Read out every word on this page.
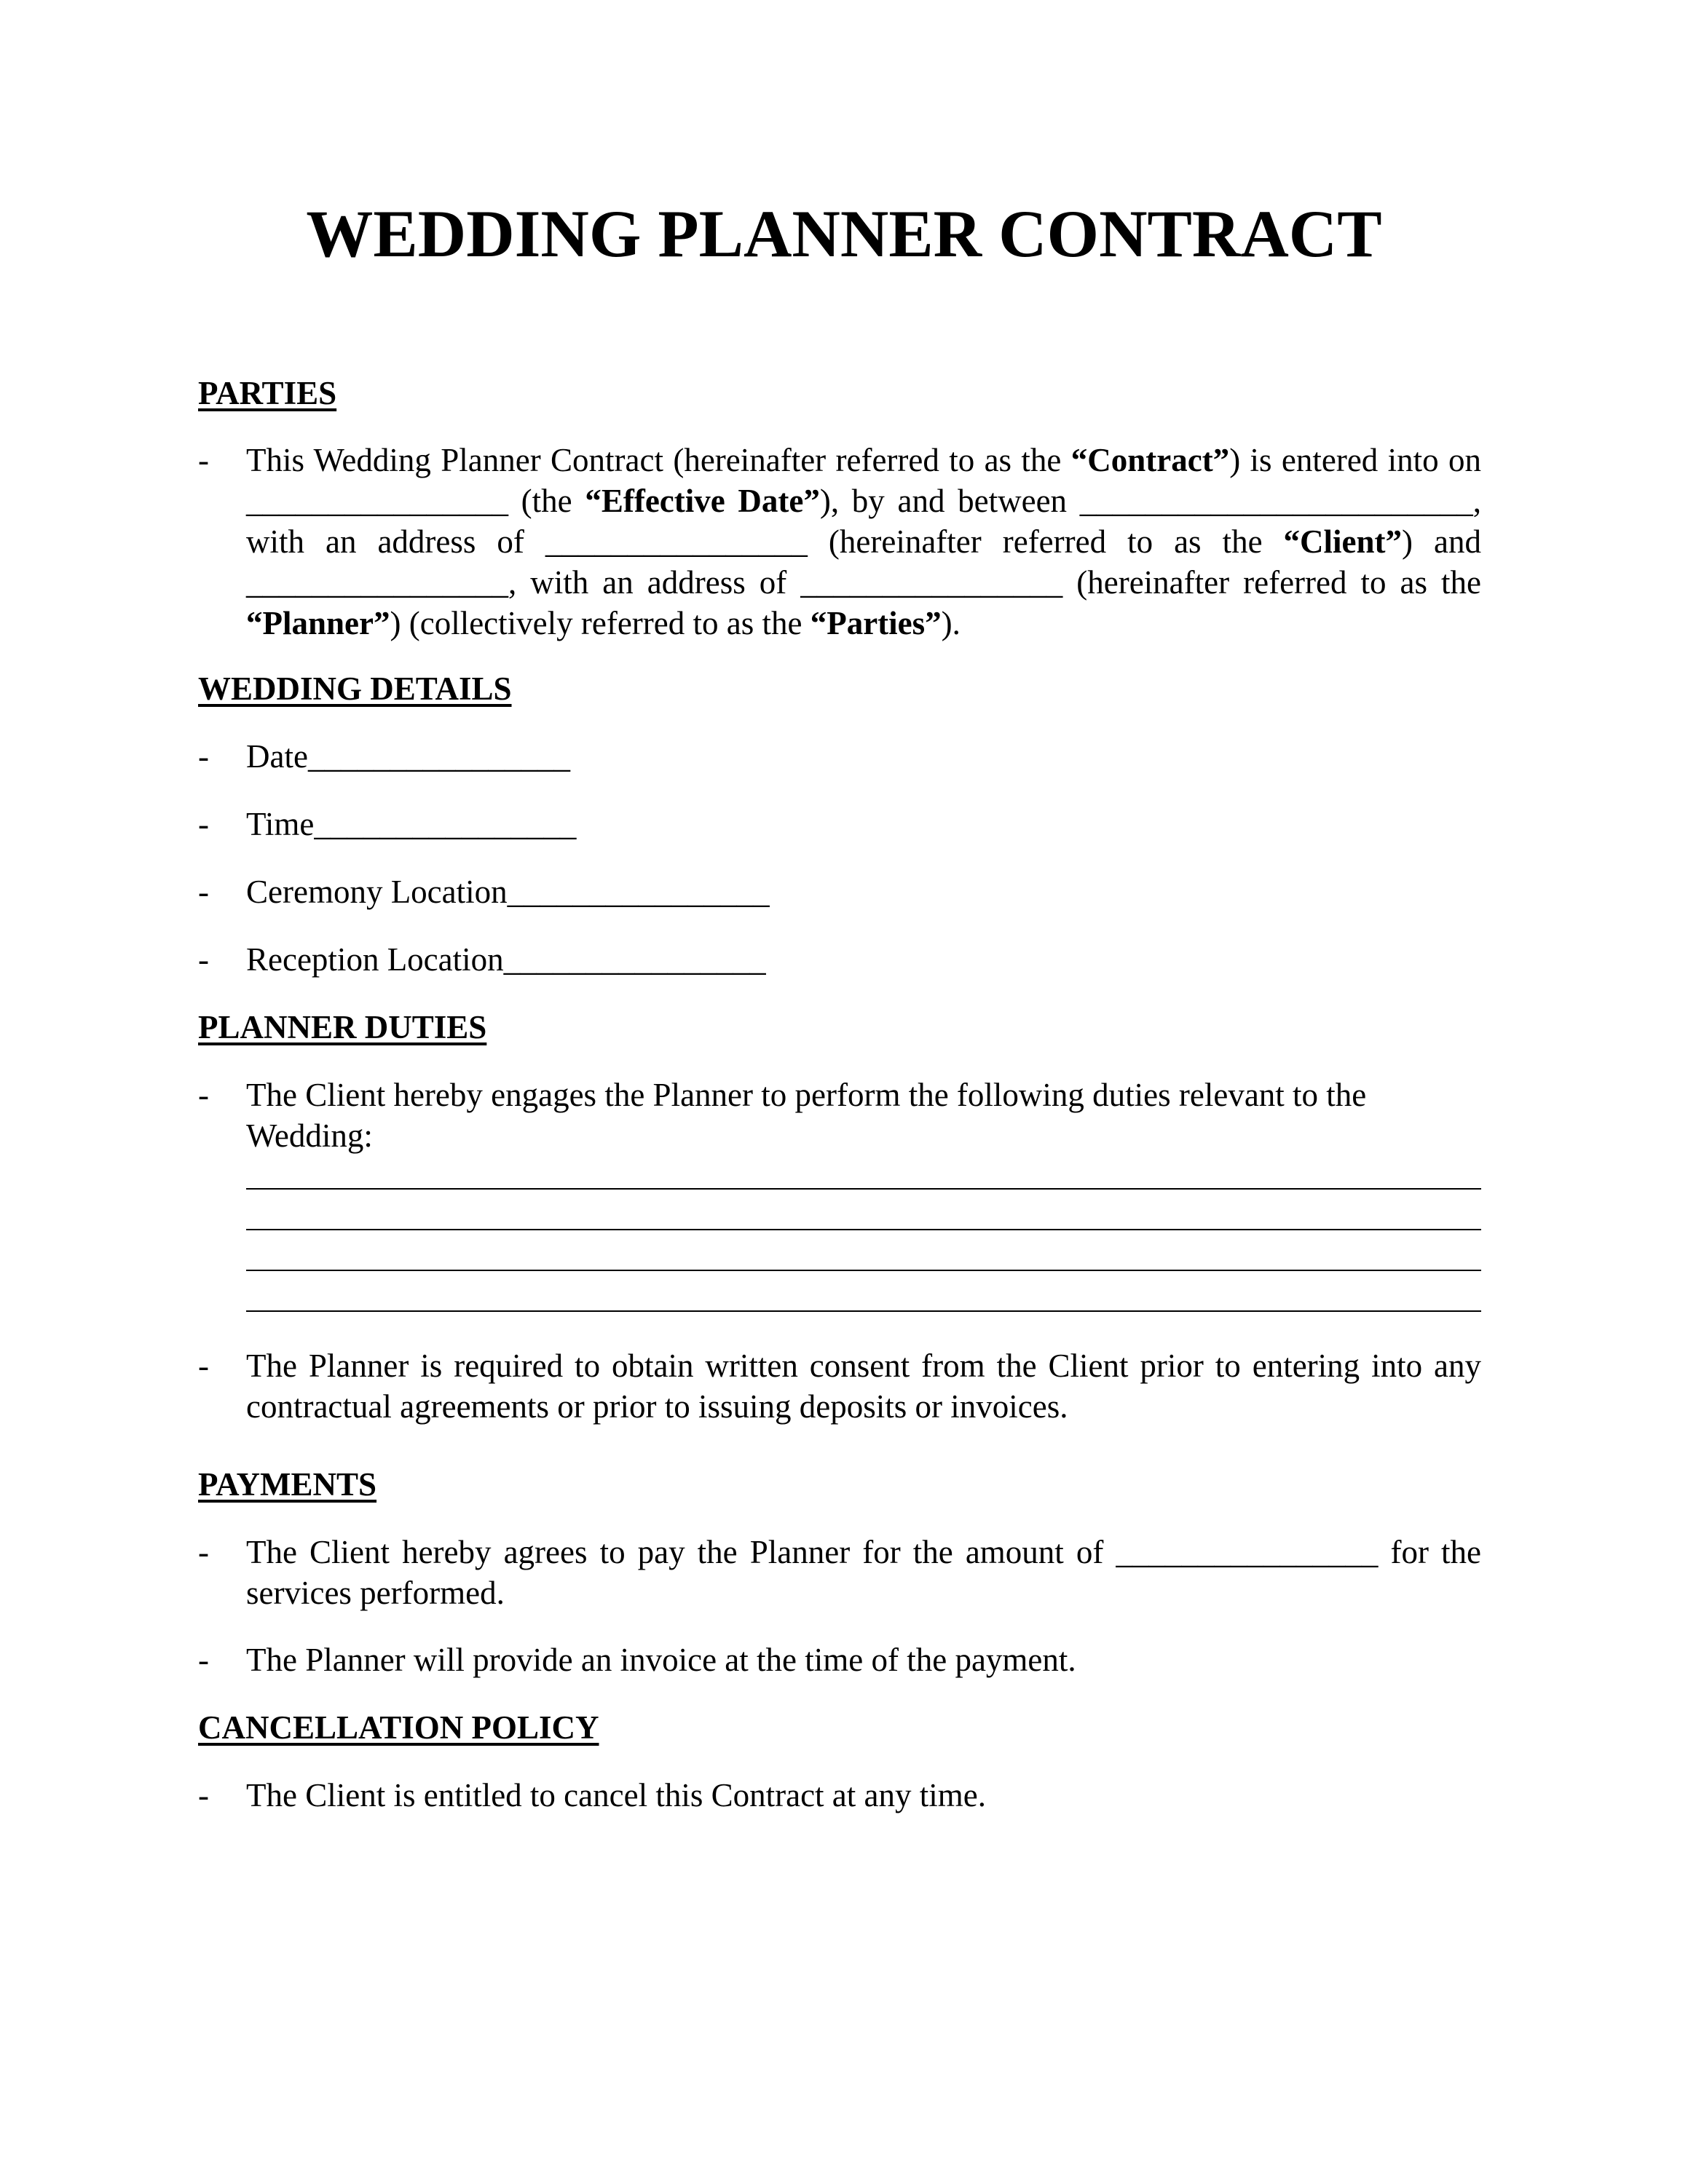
WEDDING PLANNER CONTRACT
PARTIES
- This Wedding Planner Contract (hereinafter referred to as the “Contract”) is entered into on ________________ (the “Effective Date”), by and between ________________________, with an address of ________________ (hereinafter referred to as the “Client”) and ________________, with an address of ________________ (hereinafter referred to as the “Planner”) (collectively referred to as the “Parties”).
WEDDING DETAILS
- Date________________
- Time________________
- Ceremony Location________________
- Reception Location________________
PLANNER DUTIES
- The Client hereby engages the Planner to perform the following duties relevant to the Wedding:
- The Planner is required to obtain written consent from the Client prior to entering into any contractual agreements or prior to issuing deposits or invoices.
PAYMENTS
- The Client hereby agrees to pay the Planner for the amount of ________________ for the services performed.
- The Planner will provide an invoice at the time of the payment.
CANCELLATION POLICY
- The Client is entitled to cancel this Contract at any time.
